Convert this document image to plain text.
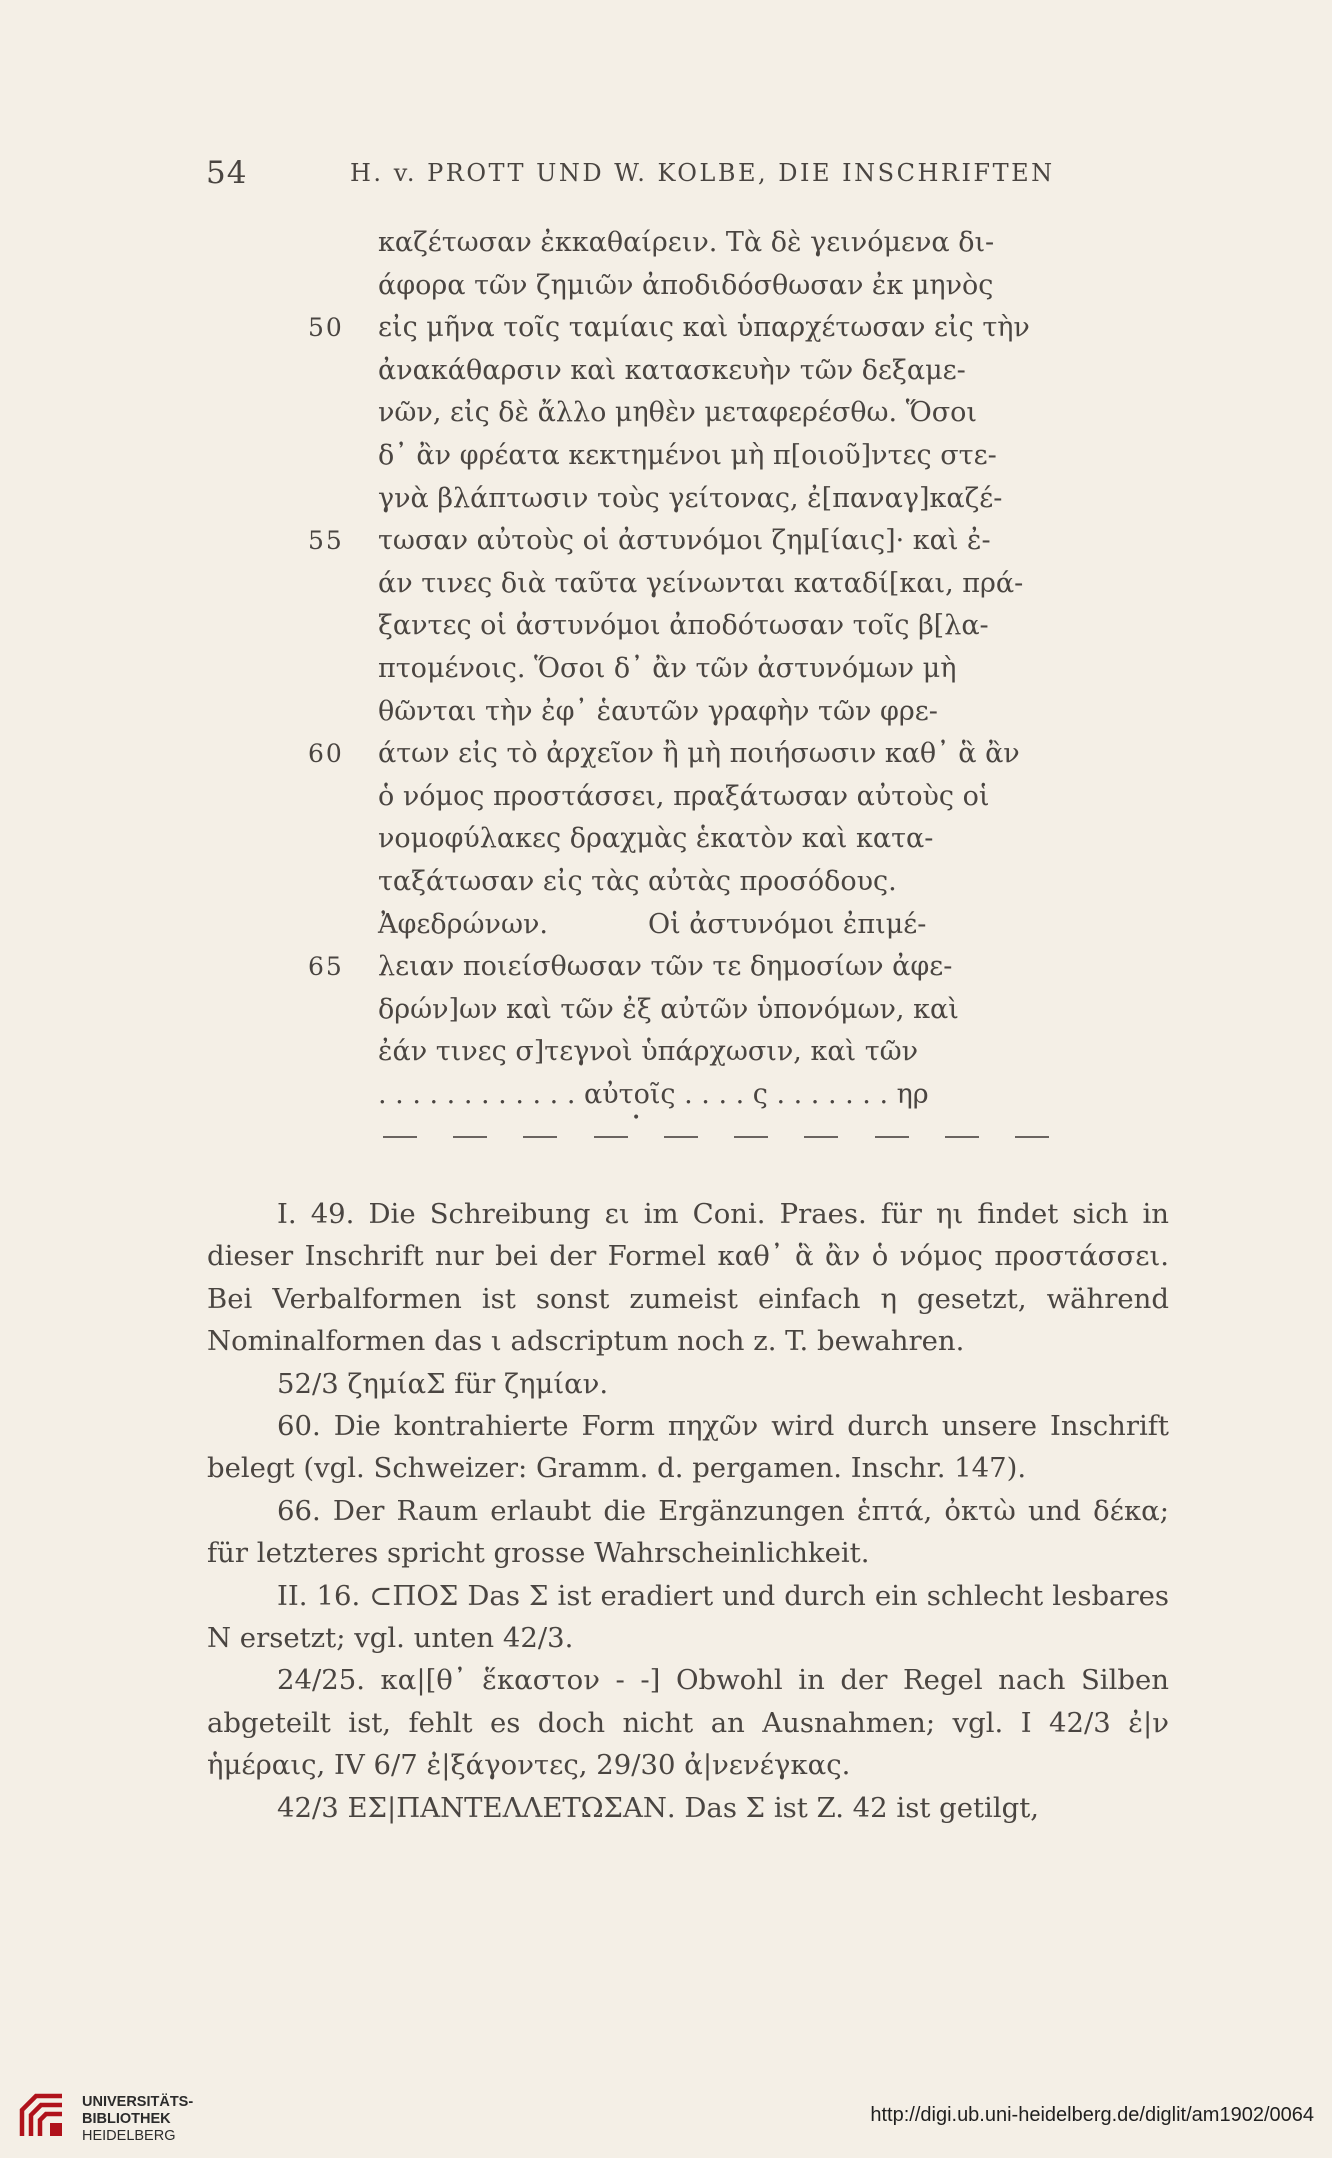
54	H. v. PROTT UND W. KOLBE, DIE INSCHRIFTEN
καζέτωσαν ἐκκαθαίρειν. Τὰ δὲ γεινόμενα δι-
άφορα τῶν ζημιῶν ἀποδιδόσθωσαν ἐκ μηνὸς
50 εἰς μῆνα τοῖς ταμίαις καὶ ὑπαρχέτωσαν εἰς τὴν
ἀνακάθαρσιν καὶ κατασκευὴν τῶν δεξαμε-
νῶν, εἰς δὲ ἄλλο μηθὲν μεταφερέσθω. Ὅσοι
δ᾽ ἂν φρέατα κεκτημένοι μὴ π[οιοῦ]ντες στε-
γνὰ βλάπτωσιν τοὺς γείτονας, ἐ[παναγ]καζέ-
55 τωσαν αὐτοὺς οἱ ἀστυνόμοι ζημ[ίαις]· καὶ ἐ-
άν τινες διὰ ταῦτα γείνωνται καταδί[και, πρά-
ξαντες οἱ ἀστυνόμοι ἀποδότωσαν τοῖς β[λα-
πτομένοις. Ὅσοι δ᾽ ἂν τῶν ἀστυνόμων μὴ
θῶνται τὴν ἐφ᾽ ἑαυτῶν γραφὴν τῶν φρε-
60 άτων εἰς τὸ ἀρχεῖον ἢ μὴ ποιήσωσιν καθ᾽ ἃ ἂν
ὁ νόμος προστάσσει, πραξάτωσαν αὐτοὺς οἱ
νομοφύλακες δραχμὰς ἑκατὸν καὶ κατα-
ταξάτωσαν εἰς τὰς αὐτὰς προσόδους.
Ἀφεδρώνων.	Οἱ ἀστυνόμοι ἐπιμέ-
65 λειαν ποιείσθωσαν τῶν τε δημοσίων ἀφε-
δρών]ων καὶ τῶν ἐξ αὐτῶν ὑπονόμων, καὶ
ἐάν τινες σ]τεγνοὶ ὑπάρχωσιν, καὶ τῶν
. . . . . . . . . . . . αὐτοῖς . . . . ς . . . . . . . ηρ
•

I. 49. Die Schreibung ει im Coni. Praes. für ηι findet sich in dieser Inschrift nur bei der Formel καθ᾽ ἃ ἂν ὁ νόμος προστάσσει. Bei Verbalformen ist sonst zumeist einfach η gesetzt, während Nominalformen das ι adscriptum noch z. T. bewahren.

52/3 ζημίαΣ für ζημίαν.

60. Die kontrahierte Form πηχῶν wird durch unsere Inschrift belegt (vgl. Schweizer: Gramm. d. pergamen. Inschr. 147).

66. Der Raum erlaubt die Ergänzungen ἑπτά, ὀκτὼ und δέκα; für letzteres spricht grosse Wahrscheinlichkeit.

II. 16. ⊂ΠΟΣ Das Σ ist eradiert und durch ein schlecht lesbares N ersetzt; vgl. unten 42/3.

24/25. κα|[θ᾽ ἕκαστον - -] Obwohl in der Regel nach Silben abgeteilt ist, fehlt es doch nicht an Ausnahmen; vgl. I 42/3 ἐ|ν ἡμέραις, IV 6/7 ἐ|ξάγοντες, 29/30 ἀ|νενέγκας.

42/3 ΕΣ|ΠΑΝΤΕΛΛΕΤΩΣΑΝ. Das Σ ist Z. 42 ist getilgt,

UNIVERSITÄTS-
BIBLIOTHEK
HEIDELBERG
http://digi.ub.uni-heidelberg.de/diglit/am1902/0064
